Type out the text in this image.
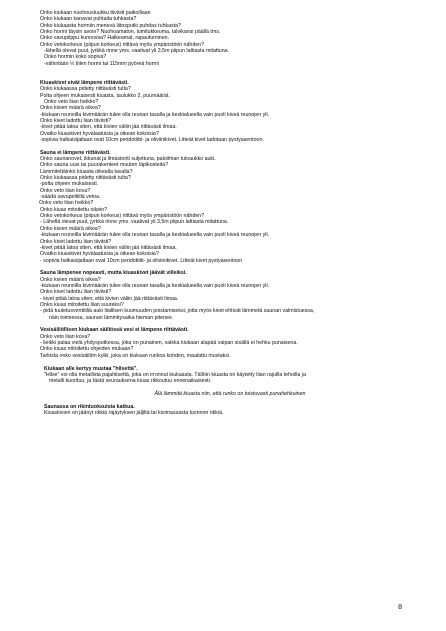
Onko kiukaan nuohousluukku tiiviisti paikoillaan
Onko kiukaan kanavat puhtaita tuhkasta?
Onko kiukaasta hormiin menevä liitosputki puhdas tuhkasta?
Onko hormi täysin avoin? Nuohoamaton, lumitukkeuma, talvikansi päällä tms.
Onko savupiippu kunnossa? Halkeamat, rapautuminen.
Onko vetokorkeus (piipun korkeus) riittävä myös ympäristöön nähden?
-lähellä olevat puut, jyrkkä rinne yms. vaativat yli 3,5m piipun lattiasta mitattuna.
Onko hormin koko sopiva?
-vähintään ½ tiilen hormi tai 115mm pyöreä hormi
Kiuaskivet eivät lämpene riittävästi.
Onko kiukaassa pidetty riittävästi tulta?
Polta ohjeen mukaisesti kiuasta, taulukko 2, puumäärät.
Onko veto liian heikko?
Onko kivien määrä oikea?
-kiukaan reunoilla kivimäärän tulee olla reunan tasalla ja keskialueella vain puoli kiveä reunojen yli.
Onko kivet ladottu liian tiiviisti?
-kivet pitää latoa siten, että kivien väliin jää riittävästi ilmaa.
Ovatko kiuaskivet hyvälaatuisia ja oikean kokoisia?
-sopivia halkaisijaltaan ovat 10cm peridotiitti- ja oliviinikivet. Litteät kivet ladotaan pystyasentoon.
Sauna ei lämpene riittävästi.
Onko saunanovet, ikkunat ja ilmastoriti suljettuna, paloilman tuloaukko auki.
Onko sauna uusi tai puurakenteet muuten läpikosteita?
Lämmitettäinkö kiuasta oikealla tavalla?
Onko kiukaassa pidetty riittävästi tulta?
-polta ohjeen mukaisesti.
Onko veto liian kova?
-säädä savupeltiillä vetoa.
Onko veto liian heikko?
Onko kiuas mitoitettu oikein?
Onko vetokorkeus (piipun korkeus) riittävä myös ympäristöön nähden?
- Lähellä olevat puut, jyrkkä rinne yms. vaativat yli 3,5m piipun lattiasta mitattuna.
Onko kivien määrä oikea?
-kiukaan reunoilla kivimäärän tulee olla reunan tasalla ja keskialueella vain puoli kiveä reunojen yli.
Onko kivet ladottu liian tiiviisti?
-kivet pitää latoa siten, että kivien väliin jää riittävästi ilmaa.
Ovatko kiuaskivet hyvälaatuisia ja oikean kokoisia?
- sopivia halkaisijaltaan ovat 10cm peridotiitti- ja oliviinikivet. Litteät kivet pystyasentoon
Sauna lämpenee nopeasti, mutta kiuaskivet jäävät viileiksi.
Onko kivien määrä oikea?
-kiukaan reunoilla kivimäärän tulee olla reunan tasalla ja keskialueella vain puoli kiveä reunojen yli.
Onko kivet ladottu liian tiiviisti?
- kivet pitää latoa siten, että kivien väliin jää riittävästi ilmaa.
Onko kiuas mitoitettu liian suureksi?
- pidä tuuletusventtiiliä auki liiallisen kuumuuden poistamiseksi, jotta myös kivet ehtivät lämmetä saunan valmistuessa,
näin toimiessa, saunan lämmitysaika hieman pitenee.
Vesisäiliöllisen kiukaan säiliössä vesi ei lämpene riittävästi.
Onko veto liian kova?
- lieikki palaa vielä yhdysputkessa, joka on punainen, vaikka kiukaan alapää vaipan sisällä ei hehku punaisena.
Onko kiuas mitoitettu ohjeiden mukaan?
Tarkista onko vesisäiliön kylki, joka on kiukaan runkoa kohden, maalattu mustaksi.
Kiukaan alle kertyy mustaa "hilsettä".
"Hilse" voi olla metallista pajahilsettä, joka on irronnut kiukaasta. Tällöin kiuasta on käytetty liian rajuilla tehoilla ja
metalli kuorituu, ja tästä seurauksena kiuas rikkoutuu ennenaikaisesti.
Älä lämmitä kiuasta niin, että runko on toistuvasti punahehkuinen
Saunassa on rikintuoksuista katkua.
Kiuaskivien on jäänyt rikkiä räjäytyksen jäljiltä tai kivimassasta luonnon rikkiä.
8
